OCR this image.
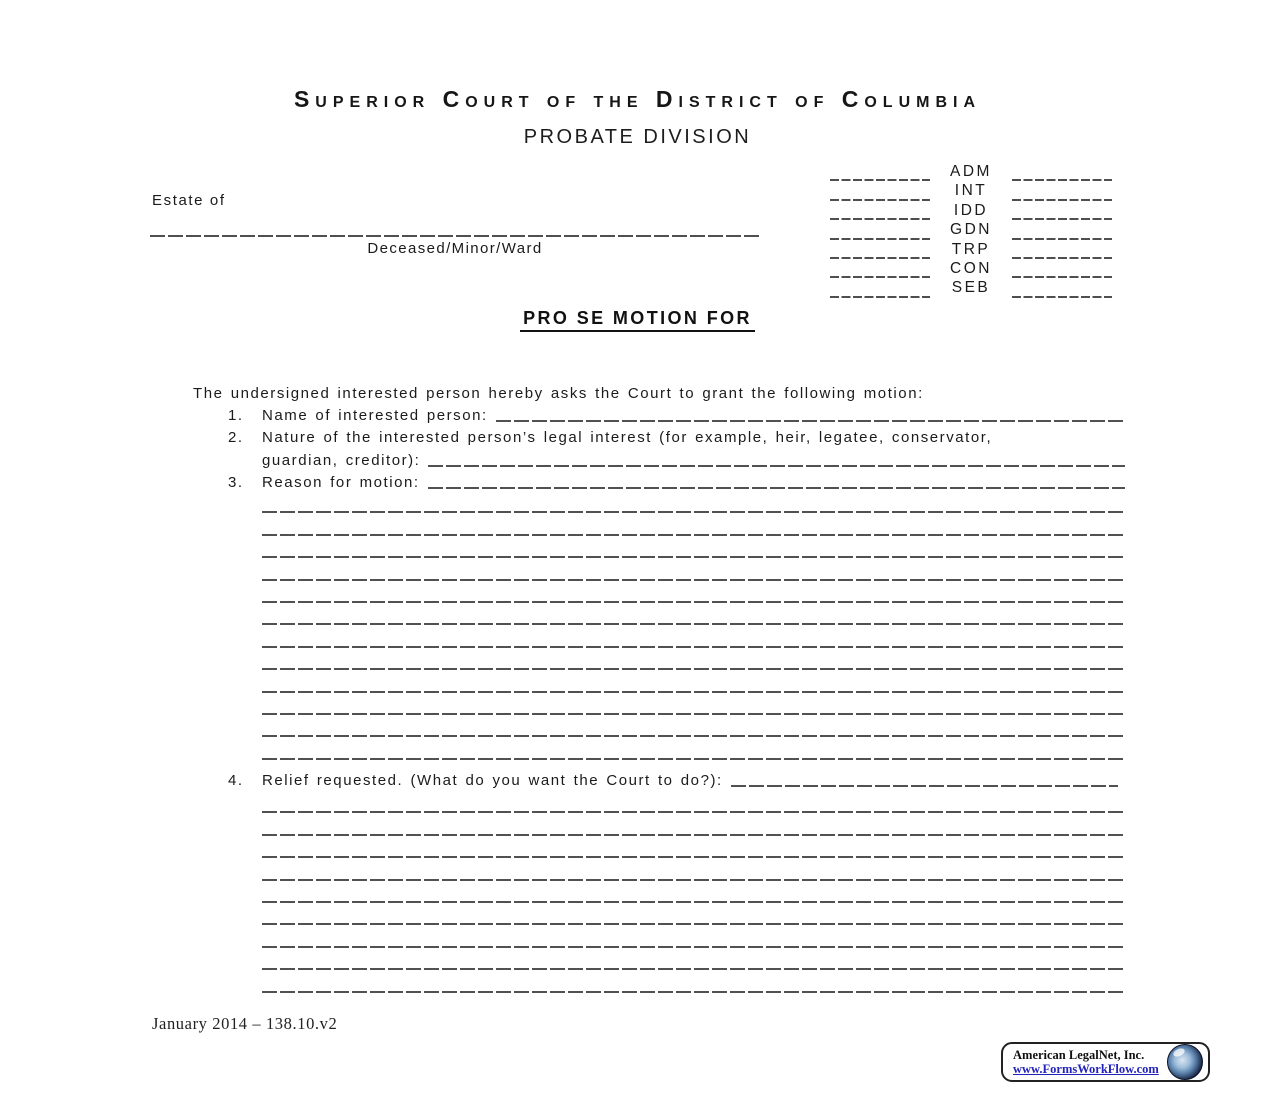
Superior Court of the District of Columbia
PROBATE DIVISION
ADM
INT
IDD
GDN
TRP
CON
SEB
Estate of
Deceased/Minor/Ward
PRO SE MOTION FOR
The undersigned interested person hereby asks the Court to grant the following motion:
1.	Name of interested person:
2.	Nature of the interested person’s legal interest (for example, heir, legatee, conservator,
guardian, creditor):
3.	Reason for motion:
4.	Relief requested. (What do you want the Court to do?):
January 2014 – 138.10.v2
American LegalNet, Inc.
www.FormsWorkFlow.com
